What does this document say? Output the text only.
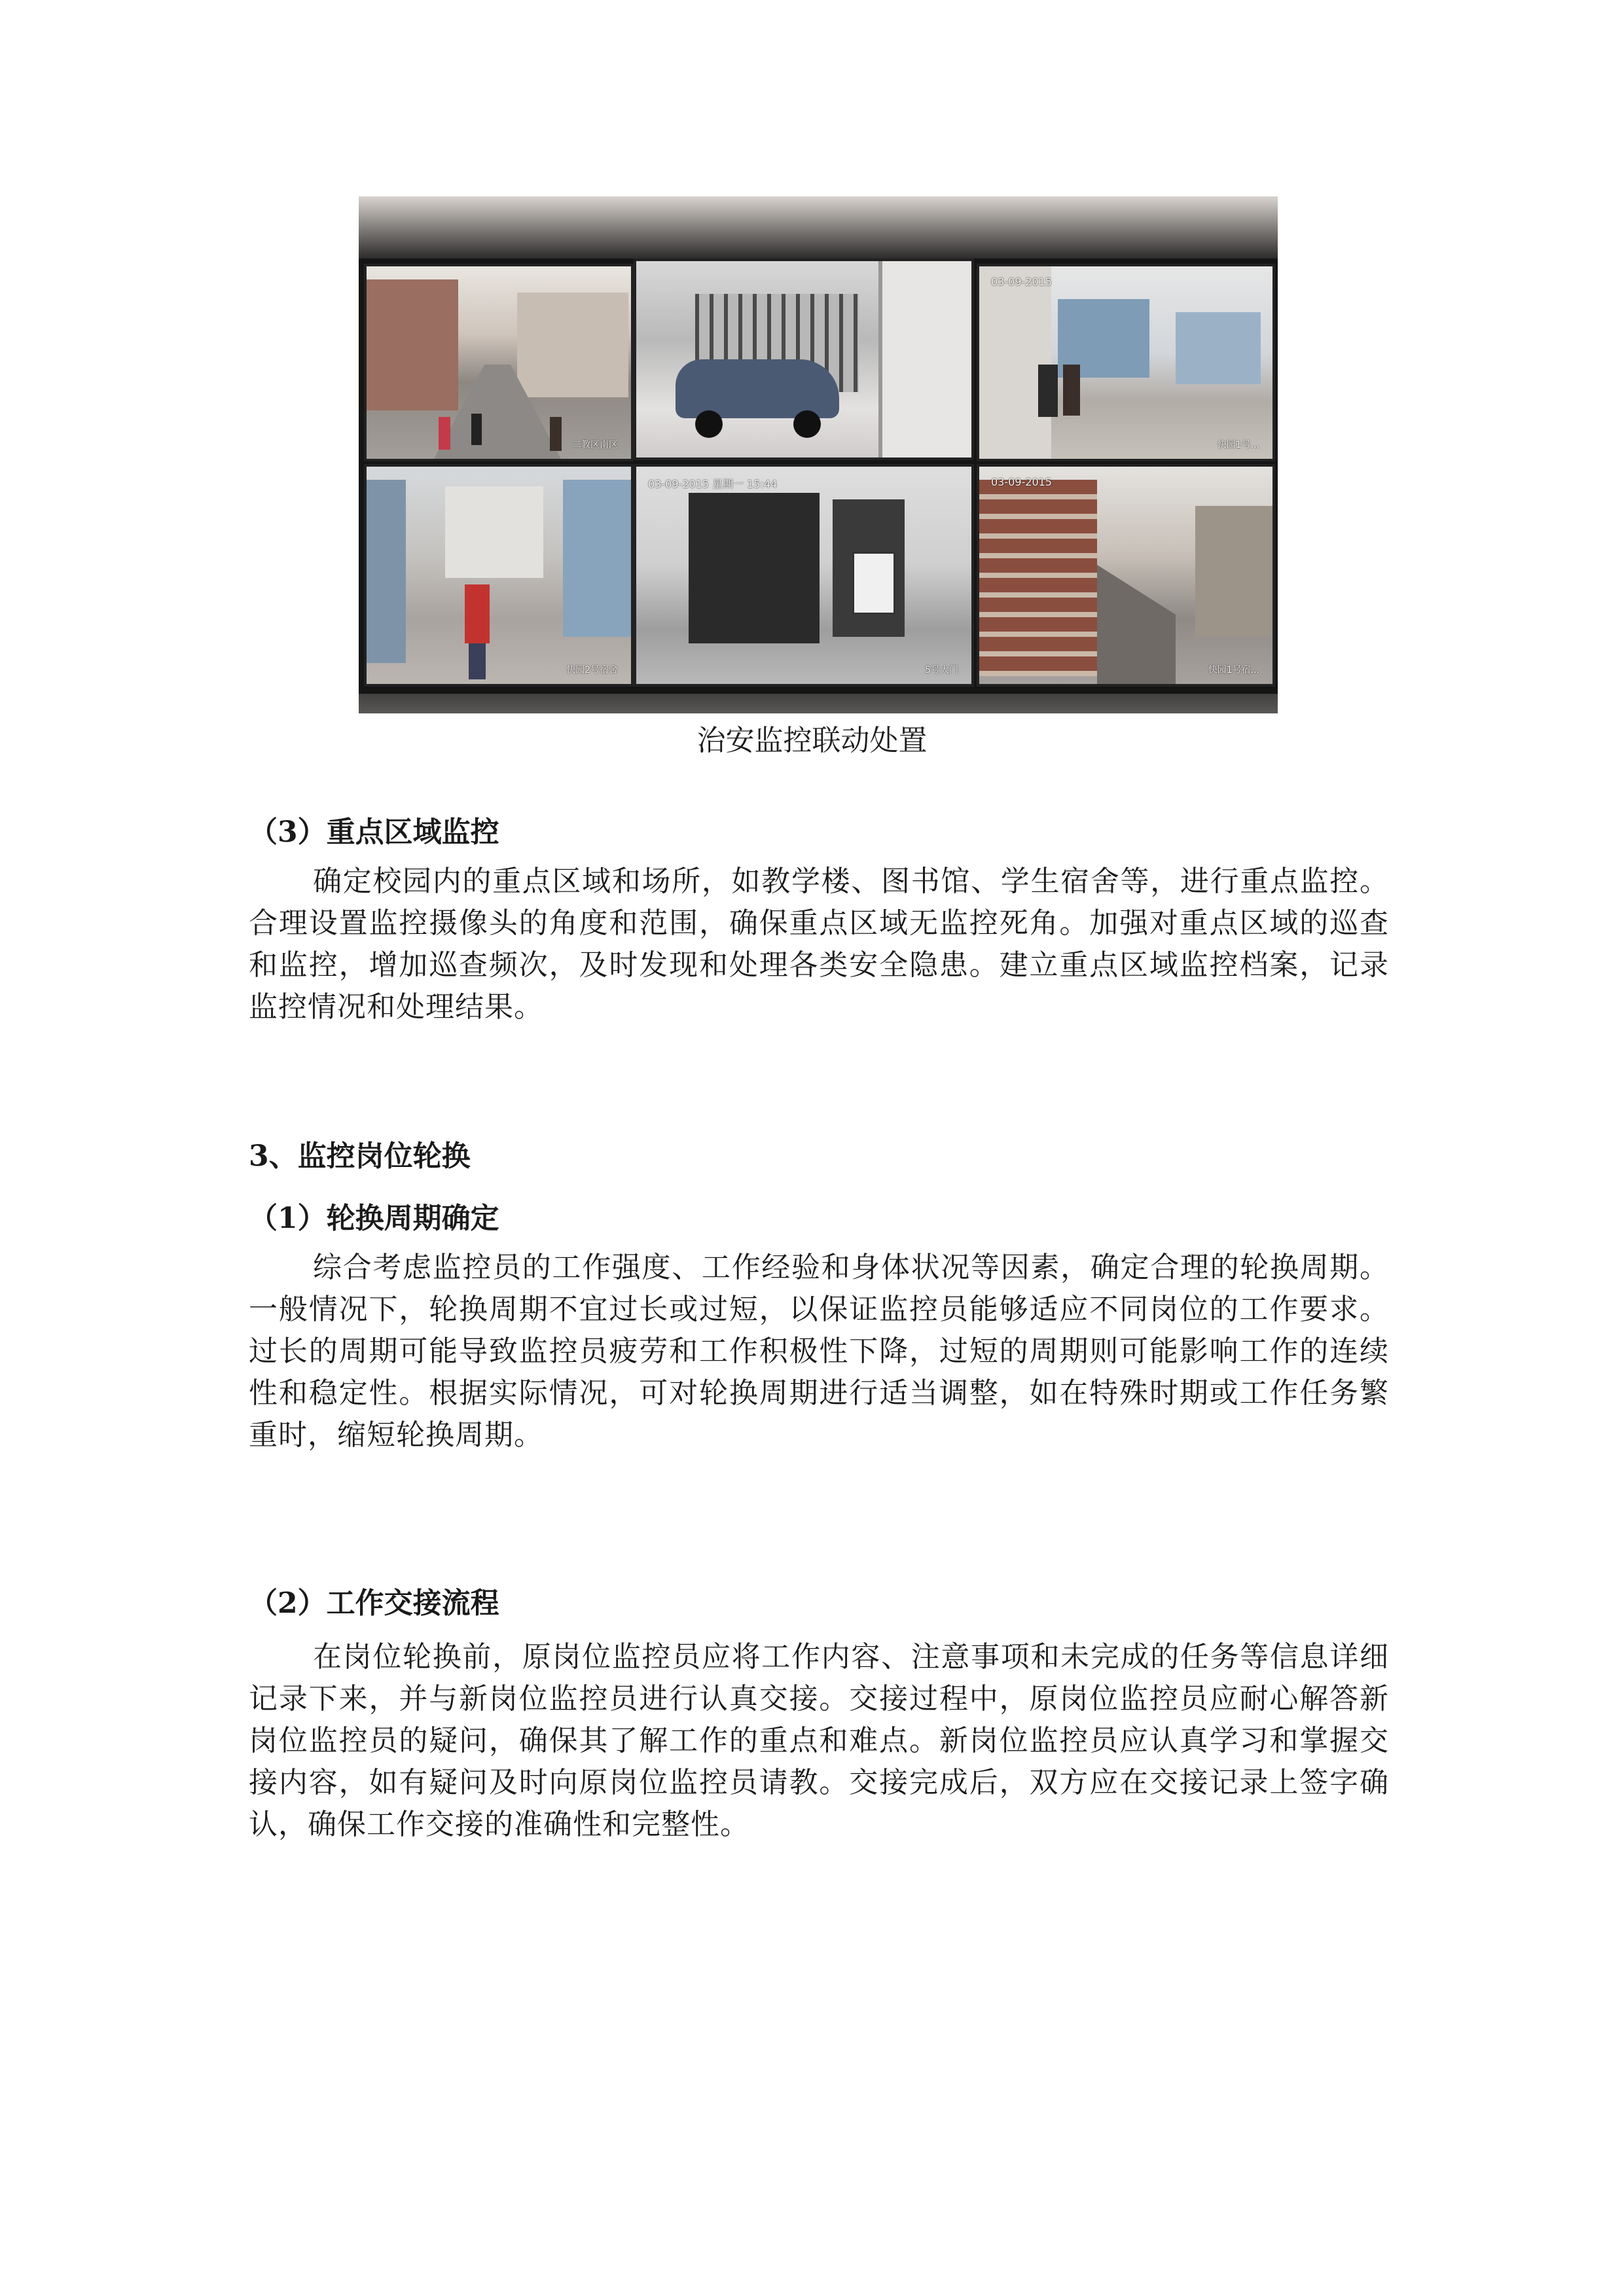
二教区南区
03-09-2015
快园1号...
快园2号宿舍
03-09-2015 星期一 15:44
5号大门
03-09-2015
快园1号宿...
治安监控联动处置
（3）重点区域监控

确定校园内的重点区域和场所，如教学楼、图书馆、学生宿舍等，进行重点监控。合理设置监控摄像头的角度和范围，确保重点区域无监控死角。加强对重点区域的巡查和监控，增加巡查频次，及时发现和处理各类安全隐患。建立重点区域监控档案，记录监控情况和处理结果。

3、监控岗位轮换
（1）轮换周期确定

综合考虑监控员的工作强度、工作经验和身体状况等因素，确定合理的轮换周期。一般情况下，轮换周期不宜过长或过短，以保证监控员能够适应不同岗位的工作要求。过长的周期可能导致监控员疲劳和工作积极性下降，过短的周期则可能影响工作的连续性和稳定性。根据实际情况，可对轮换周期进行适当调整，如在特殊时期或工作任务繁重时，缩短轮换周期。

（2）工作交接流程

在岗位轮换前，原岗位监控员应将工作内容、注意事项和未完成的任务等信息详细记录下来，并与新岗位监控员进行认真交接。交接过程中，原岗位监控员应耐心解答新岗位监控员的疑问，确保其了解工作的重点和难点。新岗位监控员应认真学习和掌握交接内容，如有疑问及时向原岗位监控员请教。交接完成后，双方应在交接记录上签字确认，确保工作交接的准确性和完整性。
